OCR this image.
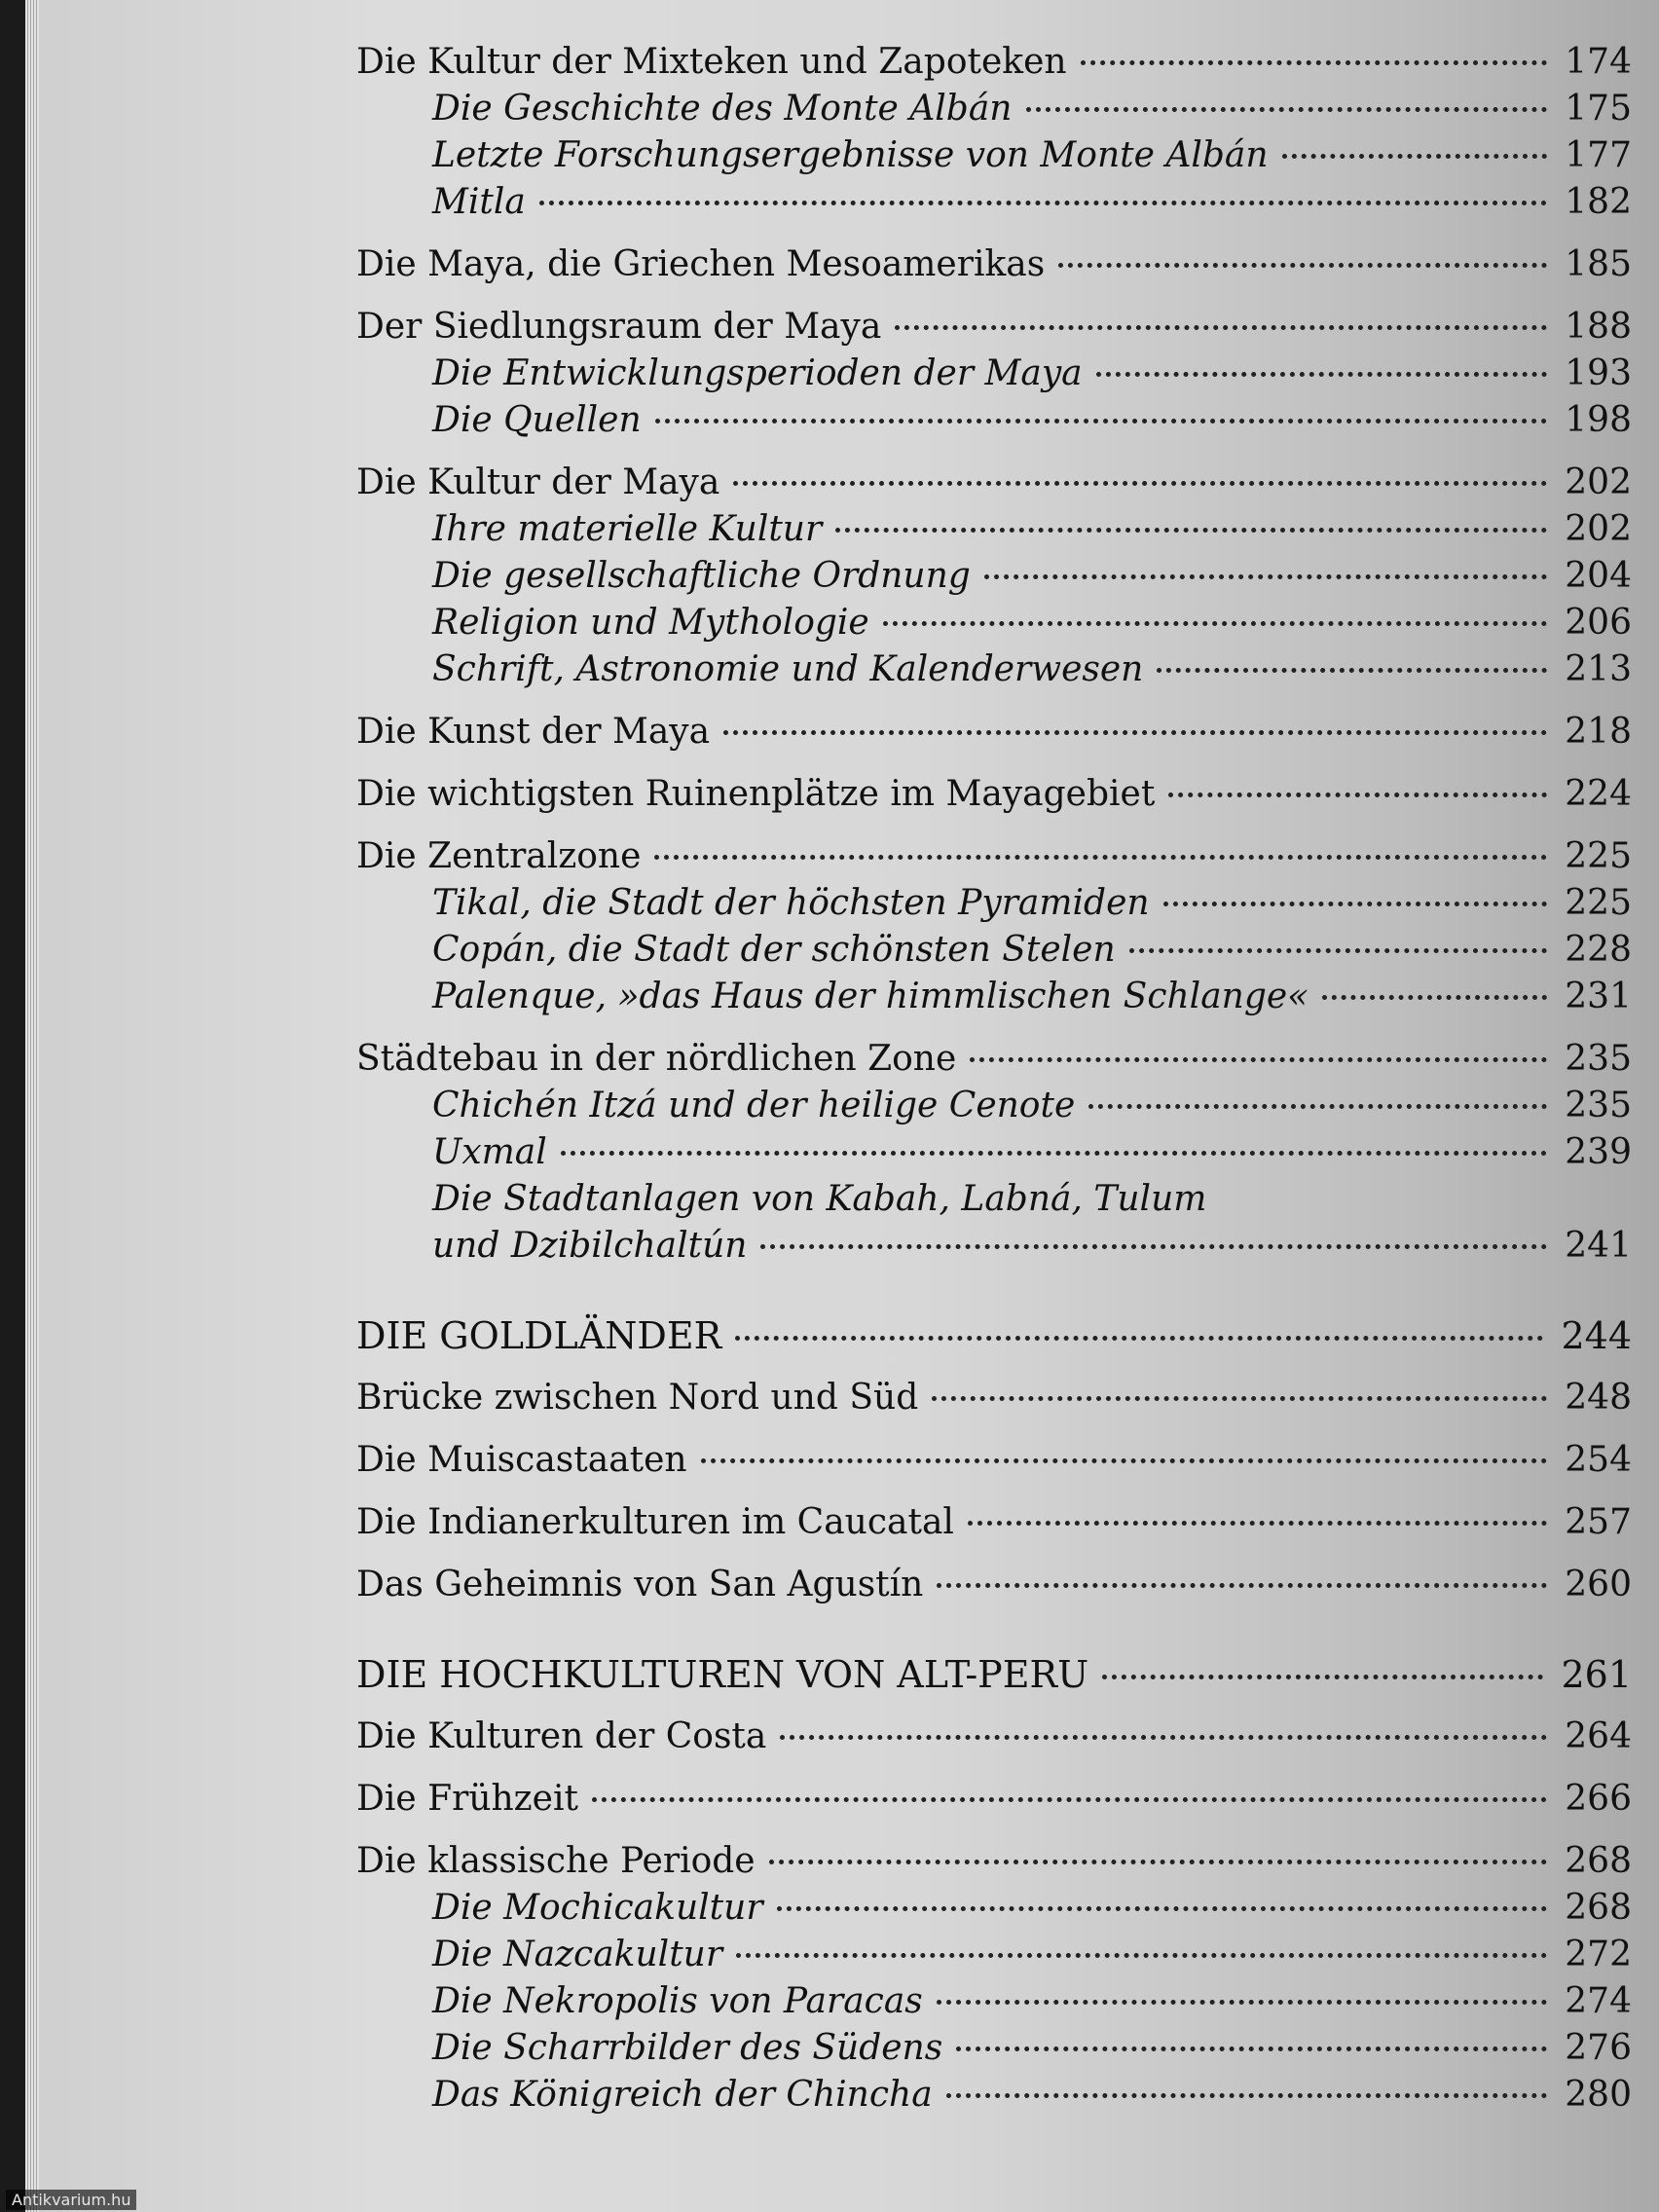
Die Kultur der Mixteken und Zapoteken	174
Die Geschichte des Monte Albán	175
Letzte Forschungsergebnisse von Monte Albán	177
Mitla	182
Die Maya, die Griechen Mesoamerikas	185
Der Siedlungsraum der Maya	188
Die Entwicklungsperioden der Maya	193
Die Quellen	198
Die Kultur der Maya	202
Ihre materielle Kultur	202
Die gesellschaftliche Ordnung	204
Religion und Mythologie	206
Schrift, Astronomie und Kalenderwesen	213
Die Kunst der Maya	218
Die wichtigsten Ruinenplätze im Mayagebiet	224
Die Zentralzone	225
Tikal, die Stadt der höchsten Pyramiden	225
Copán, die Stadt der schönsten Stelen	228
Palenque, »das Haus der himmlischen Schlange«	231
Städtebau in der nördlichen Zone	235
Chichén Itzá und der heilige Cenote	235
Uxmal	239
Die Stadtanlagen von Kabah, Labná, Tulum
und Dzibilchaltún	241
DIE GOLDLÄNDER	244
Brücke zwischen Nord und Süd	248
Die Muiscastaaten	254
Die Indianerkulturen im Caucatal	257
Das Geheimnis von San Agustín	260
DIE HOCHKULTUREN VON ALT-PERU	261
Die Kulturen der Costa	264
Die Frühzeit	266
Die klassische Periode	268
Die Mochicakultur	268
Die Nazcakultur	272
Die Nekropolis von Paracas	274
Die Scharrbilder des Südens	276
Das Königreich der Chincha	280
Antikvarium.hu
